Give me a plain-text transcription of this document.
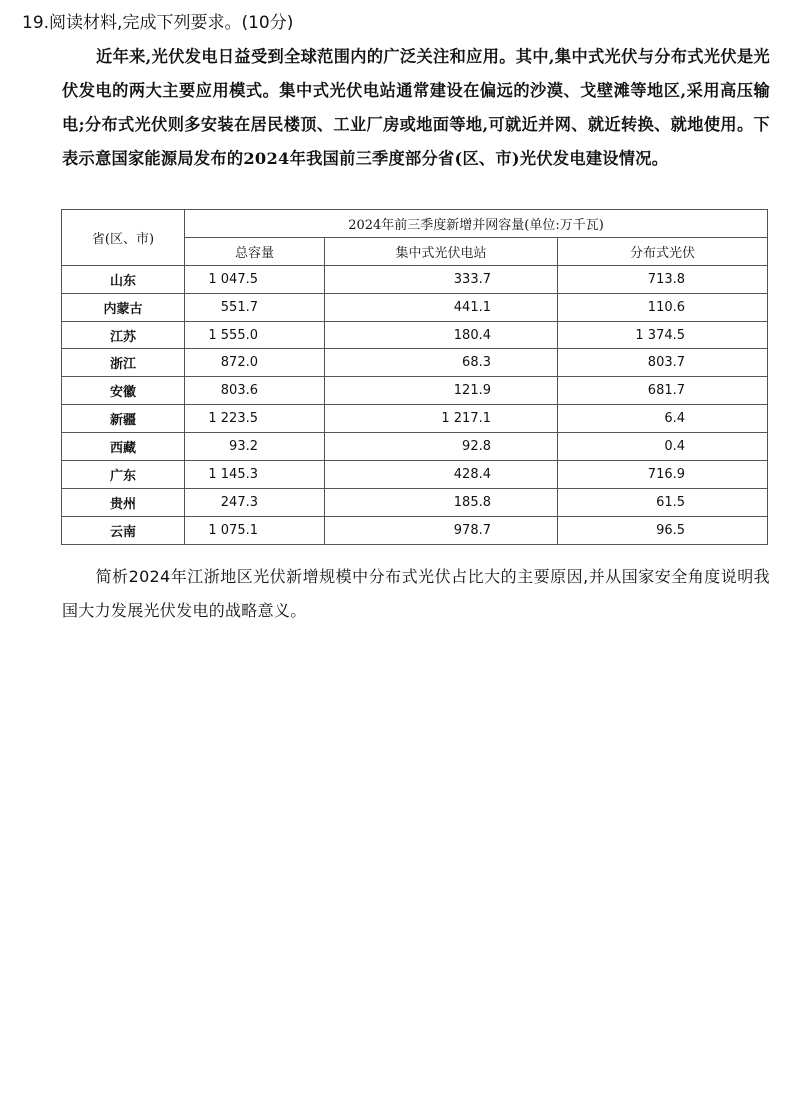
19.阅读材料,完成下列要求。(10分)
近年来,光伏发电日益受到全球范围内的广泛关注和应用。其中,集中式光伏与分布式光伏是光伏发电的两大主要应用模式。集中式光伏电站通常建设在偏远的沙漠、戈壁滩等地区,采用高压输电;分布式光伏则多安装在居民楼顶、工业厂房或地面等地,可就近并网、就近转换、就地使用。下表示意国家能源局发布的2024年我国前三季度部分省(区、市)光伏发电建设情况。
省(区、市)	2024年前三季度新增并网容量(单位:万千瓦)		
	总容量	集中式光伏电站	分布式光伏
山东	1 047.5	333.7	713.8
内蒙古	551.7	441.1	110.6
江苏	1 555.0	180.4	1 374.5
浙江	872.0	68.3	803.7
安徽	803.6	121.9	681.7
新疆	1 223.5	1 217.1	6.4
西藏	93.2	92.8	0.4
广东	1 145.3	428.4	716.9
贵州	247.3	185.8	61.5
云南	1 075.1	978.7	96.5
简析2024年江浙地区光伏新增规模中分布式光伏占比大的主要原因,并从国家安全角度说明我国大力发展光伏发电的战略意义。
